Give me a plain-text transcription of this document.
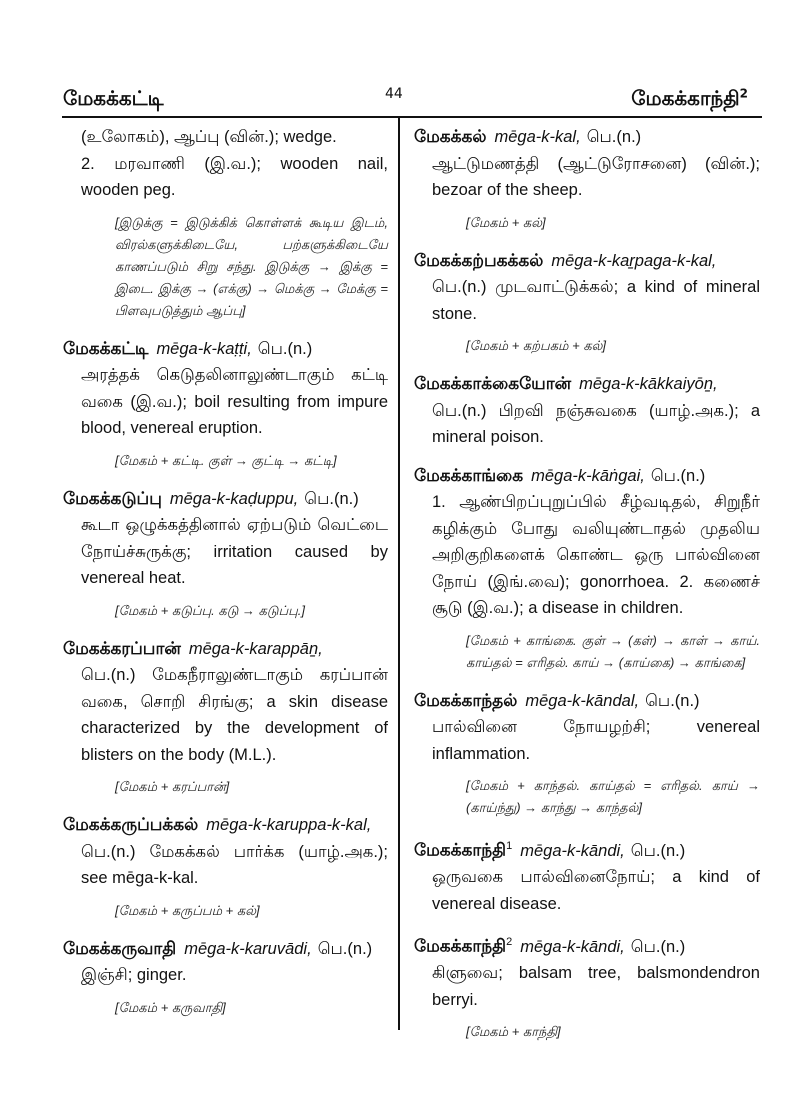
மேகக்கட்டி	44	மேகக்காந்தி$^2$
(உலோகம்), ஆப்பு (வின்.); wedge.
2. மரவாணி (இ.வ.); wooden nail, wooden peg.
[இடுக்கு = இடுக்கிக் கொள்ளக் கூடிய இடம், விரல்களுக்கிடையே, பற்களுக்கிடையே காணப்படும் சிறு சந்து. இடுக்கு → இக்கு = இடை. இக்கு → (எக்கு) → மெக்கு → மேக்கு = பிளவுபடுத்தும் ஆப்பு]
மேகக்கட்டி mēga-k-kaṭṭi, பெ.(n.)
அரத்தக் கெடுதலினாலுண்டாகும் கட்டி வகை (இ.வ.); boil resulting from impure blood, venereal eruption.
[மேகம் + கட்டி. குள் → குட்டி → கட்டி]
மேகக்கடுப்பு mēga-k-kaḍuppu, பெ.(n.)
கூடா ஒழுக்கத்தினால் ஏற்படும் வெட்டை நோய்ச்சுருக்கு; irritation caused by venereal heat.
[மேகம் + கடுப்பு. கடு → கடுப்பு.]
மேகக்கரப்பான் mēga-k-karappāṉ,
பெ.(n.) மேகநீராலுண்டாகும் கரப்பான் வகை, சொறி சிரங்கு; a skin disease characterized by the development of blisters on the body (M.L.).
[மேகம் + கரப்பான்]
மேகக்கருப்பக்கல் mēga-k-karuppa-k-kal,
பெ.(n.) மேகக்கல் பார்க்க (யாழ்.அக.); see mēga-k-kal.
[மேகம் + கருப்பம் + கல்]
மேகக்கருவாதி mēga-k-karuvādi, பெ.(n.)
இஞ்சி; ginger.
[மேகம் + கருவாதி]
மேகக்கல் mēga-k-kal, பெ.(n.)
ஆட்டுமணத்தி (ஆட்டுரோசனை) (வின்.); bezoar of the sheep.
[மேகம் + கல்]
மேகக்கற்பகக்கல் mēga-k-kaṟpaga-k-kal,
பெ.(n.) முடவாட்டுக்கல்; a kind of mineral stone.
[மேகம் + கற்பகம் + கல்]
மேகக்காக்கையோன் mēga-k-kākkaiyōṉ,
பெ.(n.) பிறவி நஞ்சுவகை (யாழ்.அக.); a mineral poison.
மேகக்காங்கை mēga-k-kāṅgai, பெ.(n.)
1. ஆண்பிறப்புறுப்பில் சீழ்வடிதல், சிறுநீர் கழிக்கும் போது வலியுண்டாதல் முதலிய அறிகுறிகளைக் கொண்ட ஒரு பால்வினை நோய் (இங்.வை); gonorrhoea. 2. கணைச் சூடு (இ.வ.); a disease in children.
[மேகம் + காங்கை. குள் → (கள்) → காள் → காய். காய்தல் = எரிதல். காய் → (காய்கை) → காங்கை]
மேகக்காந்தல் mēga-k-kāndal, பெ.(n.)
பால்வினை நோயழற்சி; venereal inflammation.
[மேகம் + காந்தல். காய்தல் = எரிதல். காய் → (காய்ந்து) → காந்து → காந்தல்]
மேகக்காந்தி$^1$ mēga-k-kāndi, பெ.(n.)
ஒருவகை பால்வினைநோய்; a kind of venereal disease.
மேகக்காந்தி$^2$ mēga-k-kāndi, பெ.(n.)
கிளுவை; balsam tree, balsmondendron berryi.
[மேகம் + காந்தி]
